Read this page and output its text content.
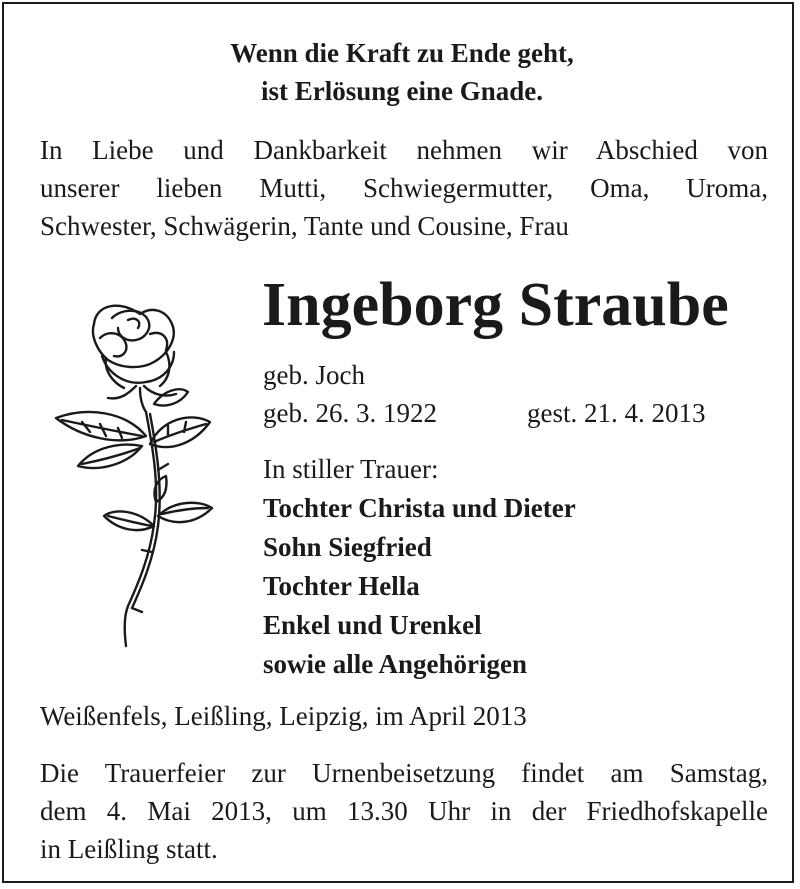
Wenn die Kraft zu Ende geht,
ist Erlösung eine Gnade.
In Liebe und Dankbarkeit nehmen wir Abschied von
unserer lieben Mutti, Schwiegermutter, Oma, Uroma,
Schwester, Schwägerin, Tante und Cousine, Frau
Ingeborg Straube
geb. Joch
geb. 26. 3. 1922	gest. 21. 4. 2013
In stiller Trauer:
Tochter Christa und Dieter
Sohn Siegfried
Tochter Hella
Enkel und Urenkel
sowie alle Angehörigen
Weißenfels, Leißling, Leipzig, im April 2013
Die Trauerfeier zur Urnenbeisetzung findet am Samstag,
dem 4. Mai 2013, um 13.30 Uhr in der Friedhofskapelle
in Leißling statt.
